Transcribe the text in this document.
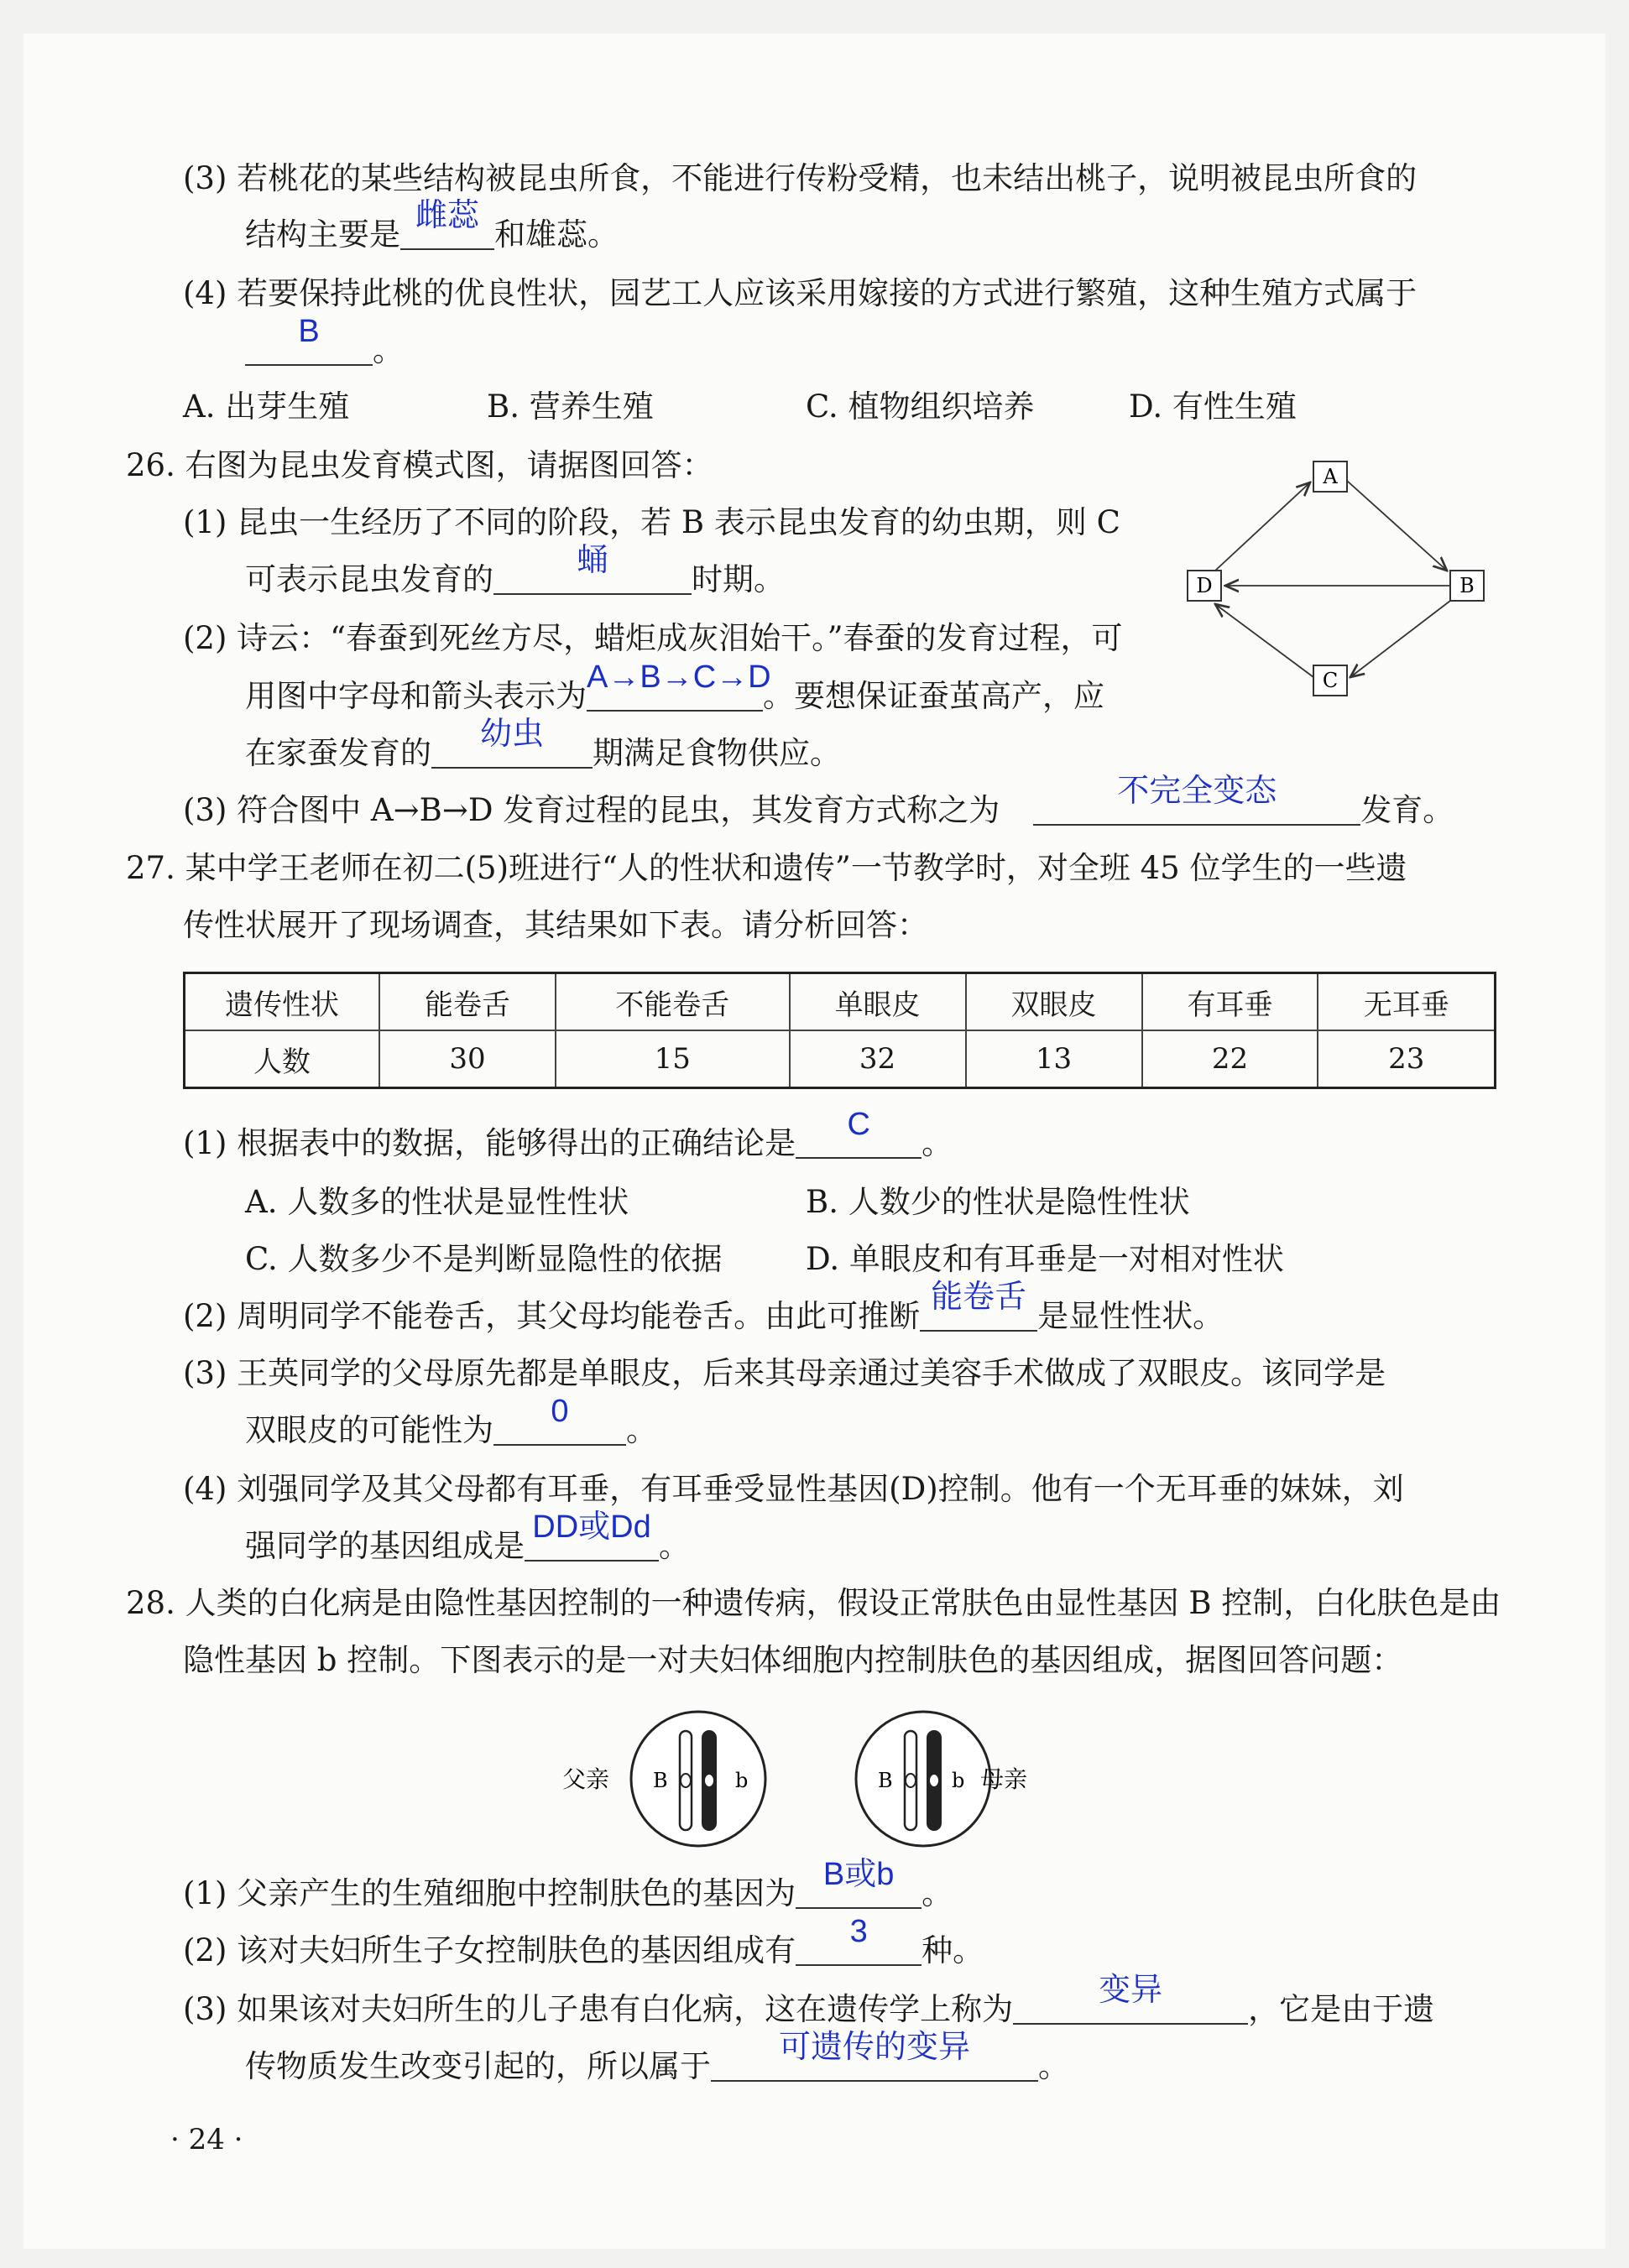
(3) 若桃花的某些结构被昆虫所食，不能进行传粉受精，也未结出桃子，说明被昆虫所食的
结构主要是
雌蕊
和雄蕊。
(4) 若要保持此桃的优良性状，园艺工人应该采用嫁接的方式进行繁殖，这种生殖方式属于
B
。
A. 出芽生殖	B. 营养生殖	C. 植物组织培养	D. 有性生殖
26. 右图为昆虫发育模式图，请据图回答：
(1) 昆虫一生经历了不同的阶段，若 B 表示昆虫发育的幼虫期，则 C
可表示昆虫发育的
蛹
时期。
(2) 诗云：“春蚕到死丝方尽，蜡炬成灰泪始干。”春蚕的发育过程，可
用图中字母和箭头表示为
A→B→C→D
。要想保证蚕茧高产，应
在家蚕发育的
幼虫
期满足食物供应。
(3) 符合图中 A→B→D 发育过程的昆虫，其发育方式称之为
不完全变态
发育。
A
B
C
D
27. 某中学王老师在初二(5)班进行“人的性状和遗传”一节教学时，对全班 45 位学生的一些遗
传性状展开了现场调查，其结果如下表。请分析回答：
遗传性状	能卷舌	不能卷舌	单眼皮	双眼皮	有耳垂	无耳垂
人数	30	15	32	13	22	23
(1) 根据表中的数据，能够得出的正确结论是
C
。
A. 人数多的性状是显性性状	B. 人数少的性状是隐性性状
C. 人数多少不是判断显隐性的依据	D. 单眼皮和有耳垂是一对相对性状
(2) 周明同学不能卷舌，其父母均能卷舌。由此可推断
能卷舌
是显性性状。
(3) 王英同学的父母原先都是单眼皮，后来其母亲通过美容手术做成了双眼皮。该同学是
双眼皮的可能性为
0
。
(4) 刘强同学及其父母都有耳垂，有耳垂受显性基因(D)控制。他有一个无耳垂的妹妹，刘
强同学的基因组成是
DD或Dd
。
28. 人类的白化病是由隐性基因控制的一种遗传病，假设正常肤色由显性基因 B 控制，白化肤色是由
隐性基因 b 控制。下图表示的是一对夫妇体细胞内控制肤色的基因组成，据图回答问题：
父亲 B	b	B	b 母亲
(1) 父亲产生的生殖细胞中控制肤色的基因为
B或b
。
(2) 该对夫妇所生子女控制肤色的基因组成有
3
种。
(3) 如果该对夫妇所生的儿子患有白化病，这在遗传学上称为
变异
，它是由于遗
传物质发生改变引起的，所以属于
可遗传的变异
。
· 24 ·
